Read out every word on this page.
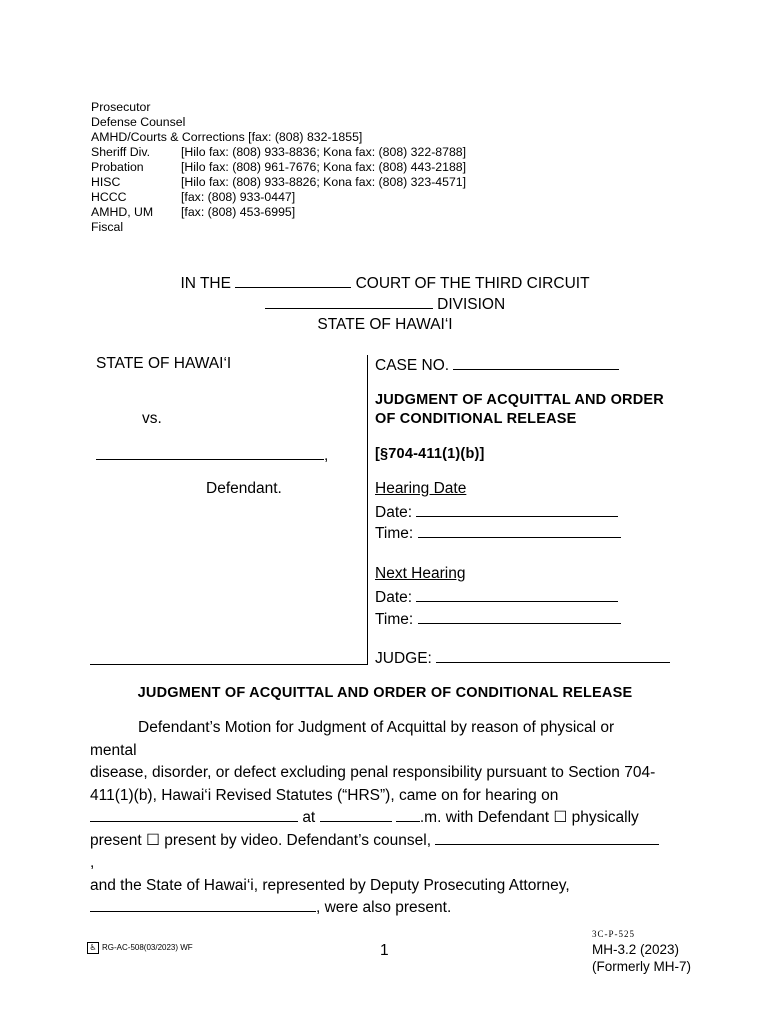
Prosecutor
Defense Counsel
AMHD/Courts & Corrections [fax: (808) 832-1855]
Sheriff Div.	[Hilo fax: (808) 933-8836; Kona fax: (808) 322-8788]
Probation	[Hilo fax: (808) 961-7676; Kona fax: (808) 443-2188]
HISC	[Hilo fax: (808) 933-8826; Kona fax: (808) 323-4571]
HCCC	[fax: (808) 933-0447]
AMHD, UM	[fax: (808) 453-6995]
Fiscal
IN THE	COURT OF THE THIRD CIRCUIT
DIVISION
STATE OF HAWAI‘I
STATE OF HAWAI‘I
vs.
,
Defendant.
CASE NO.
JUDGMENT OF ACQUITTAL AND ORDER
OF CONDITIONAL RELEASE
[§704-411(1)(b)]
Hearing Date
Date:
Time:
Next Hearing
Date:
Time:
JUDGE:
JUDGMENT OF ACQUITTAL AND ORDER OF CONDITIONAL RELEASE

Defendant’s Motion for Judgment of Acquittal by reason of physical or mental

disease, disorder, or defect excluding penal responsibility pursuant to Section 704-

411(1)(b), Hawai‘i Revised Statutes (“HRS”), came on for hearing on

at	.m. with Defendant ☐ physically

present ☐ present by video. Defendant’s counsel, ,

and the State of Hawai‘i, represented by Deputy Prosecuting Attorney,

, were also present.

♿ RG-AC-508(03/2023) WF	1
3C-P-525
MH-3.2 (2023)
(Formerly MH-7)
